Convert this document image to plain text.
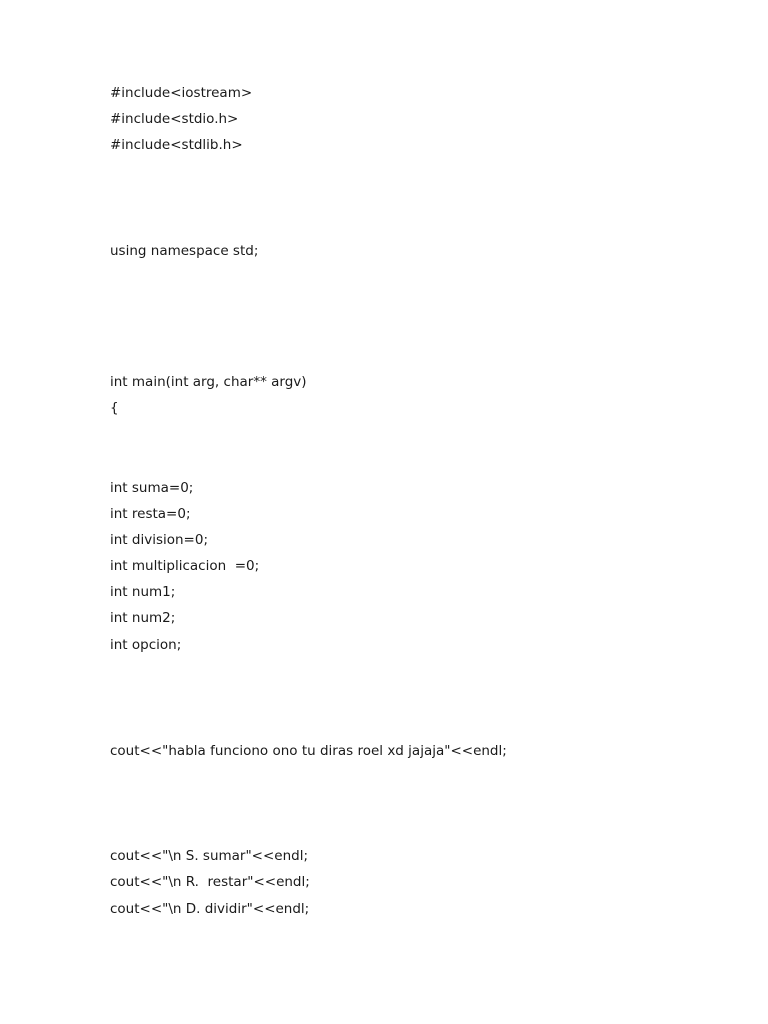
#include<iostream>
#include<stdio.h>
#include<stdlib.h>
using namespace std;
int main(int arg, char** argv)
{
int suma=0;
int resta=0;
int division=0;
int multiplicacion  =0;
int num1;
int num2;
int opcion;
cout<<"habla funciono ono tu diras roel xd jajaja"<<endl;
cout<<"\n S. sumar"<<endl;
cout<<"\n R.  restar"<<endl;
cout<<"\n D. dividir"<<endl;
